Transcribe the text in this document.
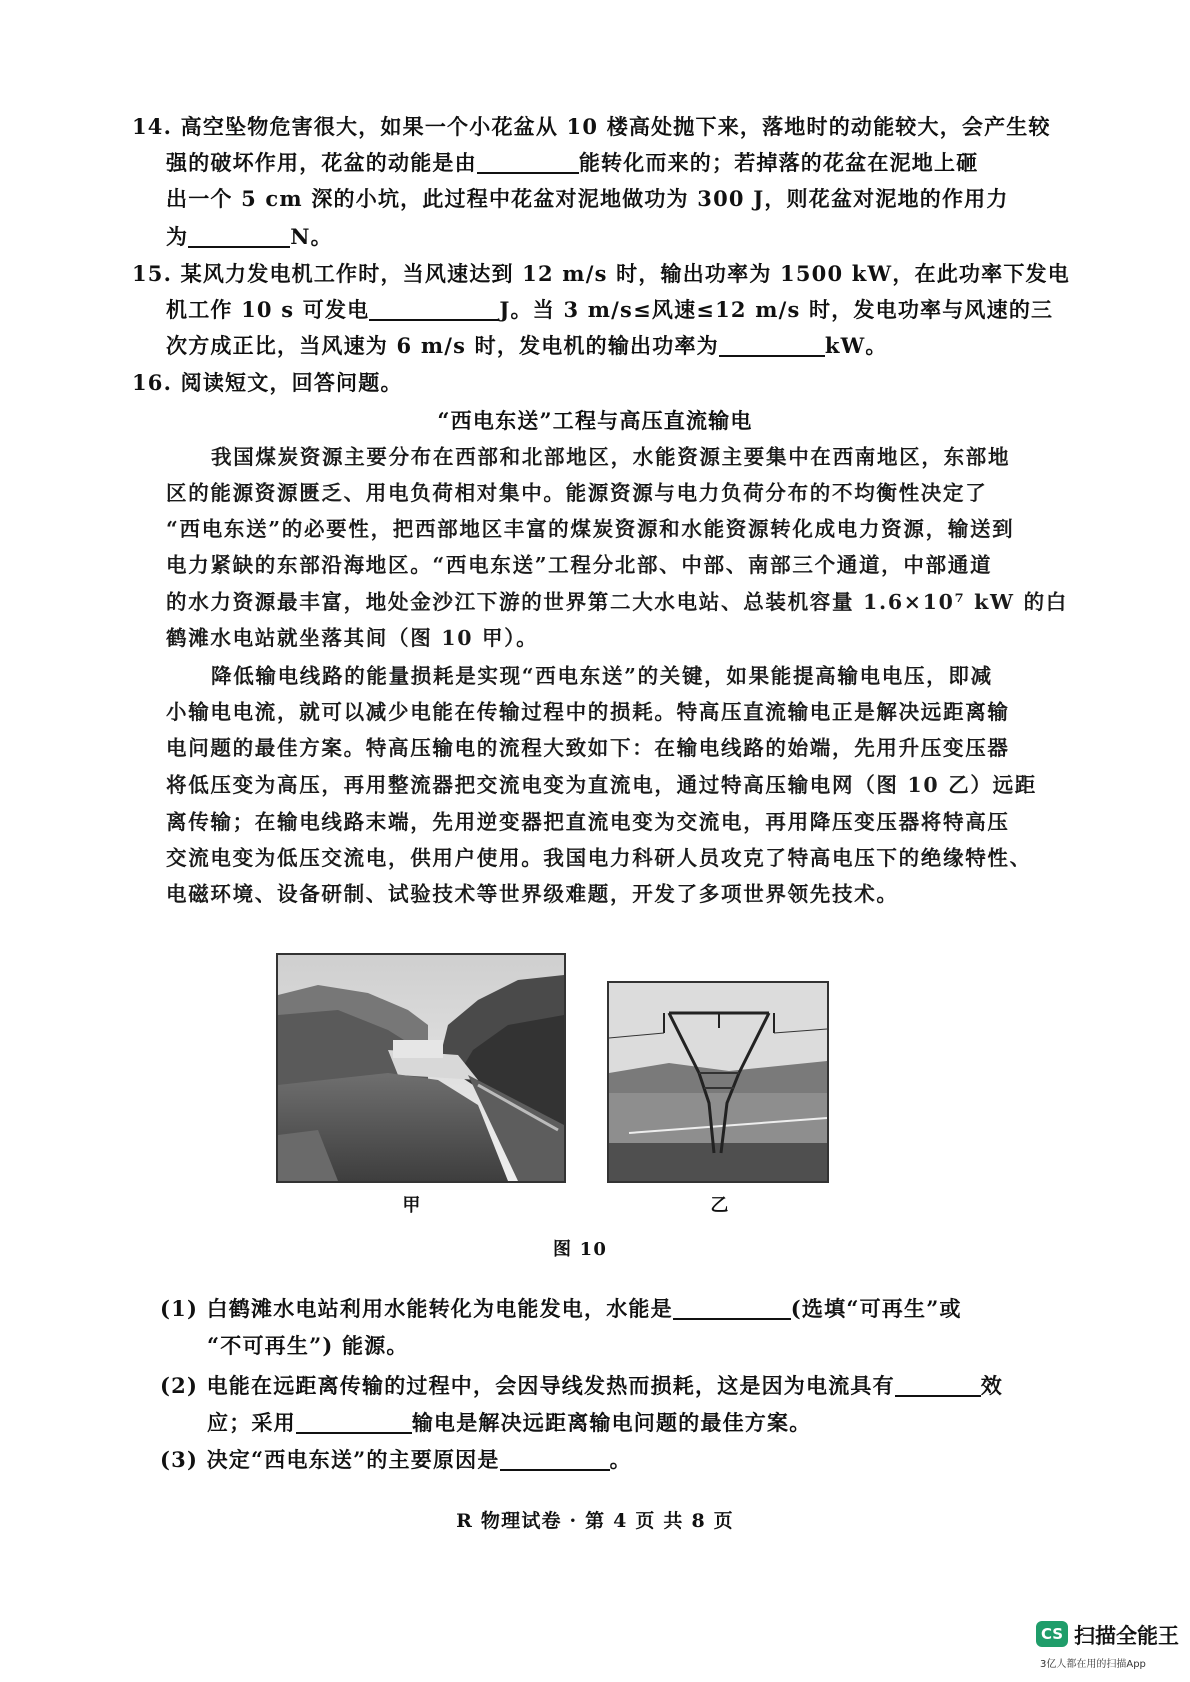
14. 高空坠物危害很大，如果一个小花盆从 10 楼高处抛下来，落地时的动能较大，会产生较
强的破坏作用，花盆的动能是由	能转化而来的；若掉落的花盆在泥地上砸
出一个 5 cm 深的小坑，此过程中花盆对泥地做功为 300 J，则花盆对泥地的作用力
为	N。
15. 某风力发电机工作时，当风速达到 12 m/s 时，输出功率为 1500 kW，在此功率下发电
机工作 10 s 可发电	J。当 3 m/s≤风速≤12 m/s 时，发电功率与风速的三
次方成正比，当风速为 6 m/s 时，发电机的输出功率为	kW。
16. 阅读短文，回答问题。
“西电东送”工程与高压直流输电
我国煤炭资源主要分布在西部和北部地区，水能资源主要集中在西南地区，东部地
区的能源资源匮乏、用电负荷相对集中。能源资源与电力负荷分布的不均衡性决定了
“西电东送”的必要性，把西部地区丰富的煤炭资源和水能资源转化成电力资源，输送到
电力紧缺的东部沿海地区。“西电东送”工程分北部、中部、南部三个通道，中部通道
的水力资源最丰富，地处金沙江下游的世界第二大水电站、总装机容量 1.6×10⁷ kW 的白
鹤滩水电站就坐落其间（图 10 甲）。
降低输电线路的能量损耗是实现“西电东送”的关键，如果能提高输电电压，即减
小输电电流，就可以减少电能在传输过程中的损耗。特高压直流输电正是解决远距离输
电问题的最佳方案。特高压输电的流程大致如下：在输电线路的始端，先用升压变压器
将低压变为高压，再用整流器把交流电变为直流电，通过特高压输电网（图 10 乙）远距
离传输；在输电线路末端，先用逆变器把直流电变为交流电，再用降压变压器将特高压
交流电变为低压交流电，供用户使用。我国电力科研人员攻克了特高电压下的绝缘特性、
电磁环境、设备研制、试验技术等世界级难题，开发了多项世界领先技术。
甲	乙
图 10
(1) 白鹤滩水电站利用水能转化为电能发电，水能是	(选填“可再生”或
“不可再生”) 能源。
(2) 电能在远距离传输的过程中，会因导线发热而损耗，这是因为电流具有	效
应；采用	输电是解决远距离输电问题的最佳方案。
(3) 决定“西电东送”的主要原因是	。
R 物理试卷 · 第 4 页 共 8 页
CS 扫描全能王
3亿人都在用的扫描App
